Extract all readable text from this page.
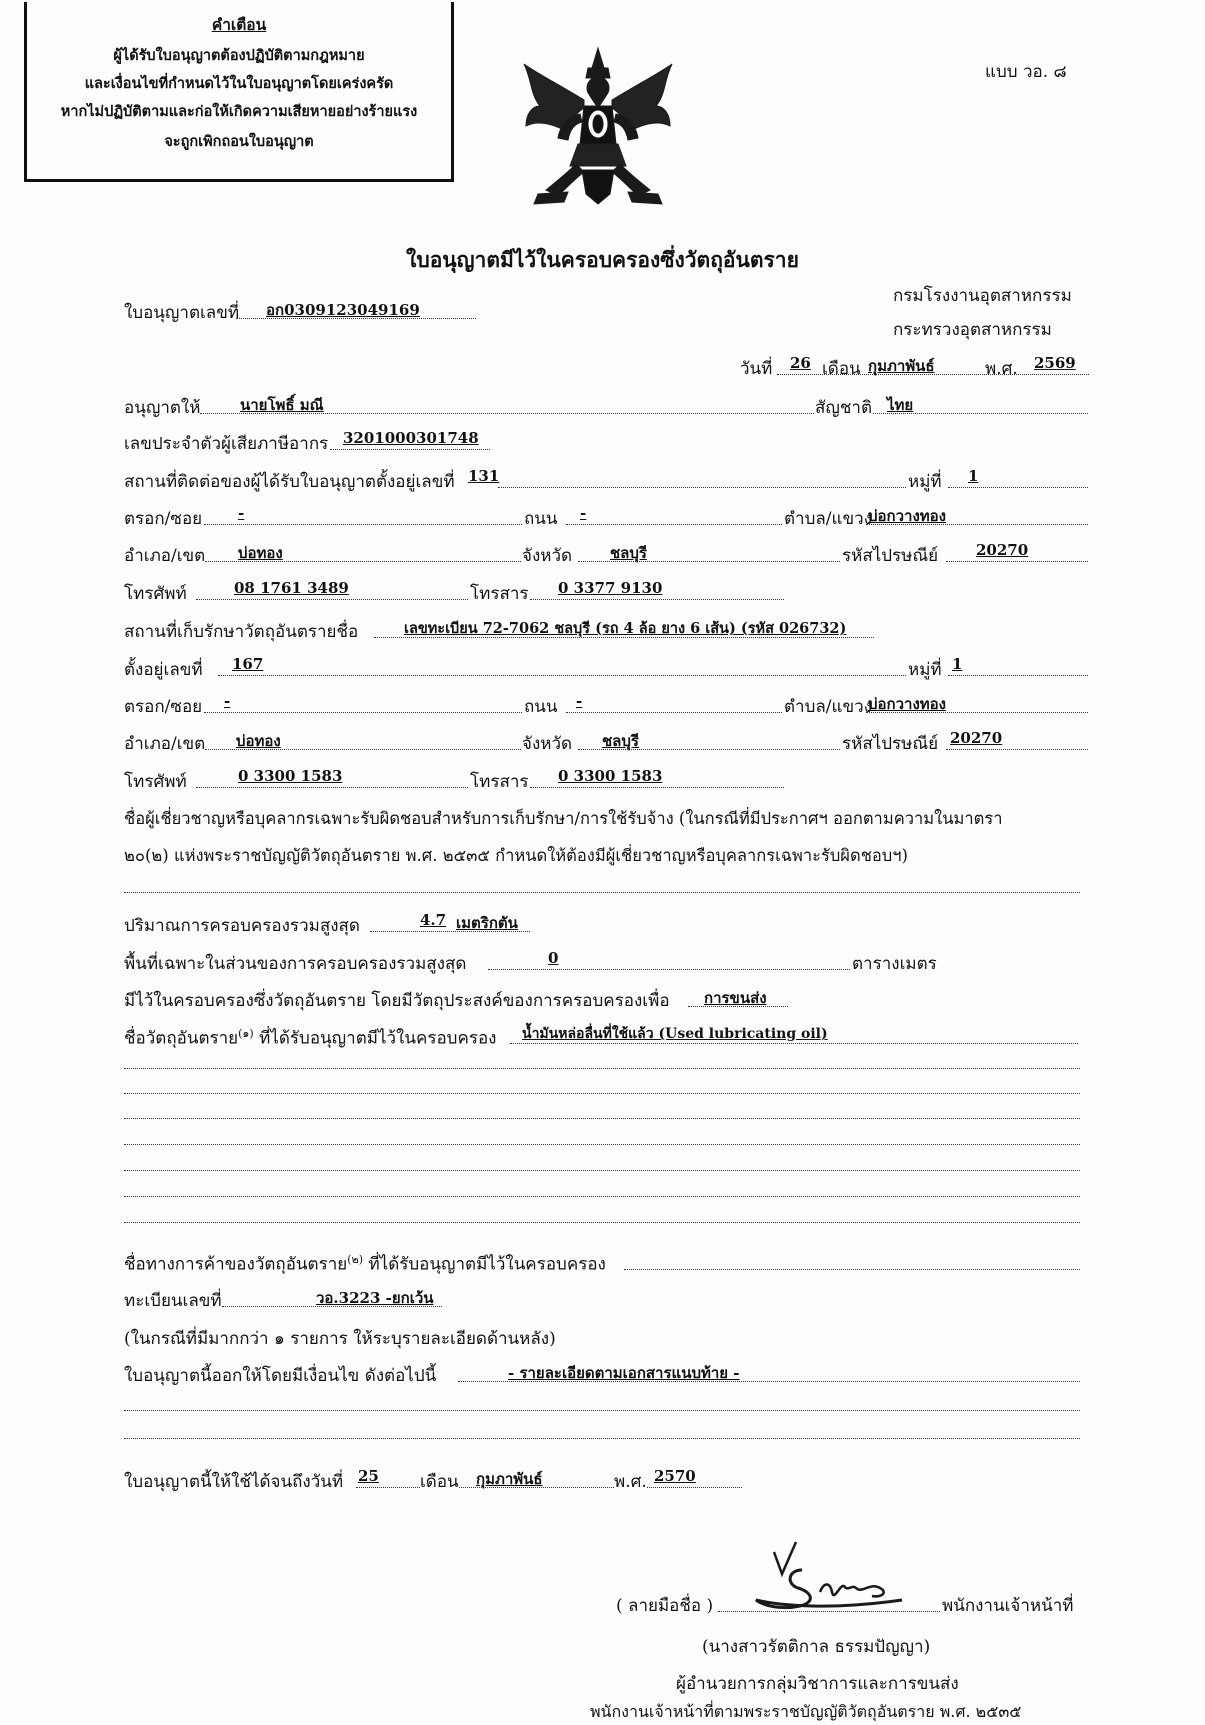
คำเตือน
ผู้ได้รับใบอนุญาตต้องปฏิบัติตามกฎหมาย
และเงื่อนไขที่กำหนดไว้ในใบอนุญาตโดยเคร่งครัด
หากไม่ปฏิบัติตามและก่อให้เกิดความเสียหายอย่างร้ายแรง
จะถูกเพิกถอนใบอนุญาต
แบบ วอ. ๘
ใบอนุญาตมีไว้ในครอบครองซึ่งวัตถุอันตราย
กรมโรงงานอุตสาหกรรม
กระทรวงอุตสาหกรรม
ใบอนุญาตเลขที่ อก0309123049169
วันที่ 26 เดือน กุมภาพันธ์	พ.ศ. 2569
อนุญาตให้	นายโพธิ์ มณี	สัญชาติ ไทย
เลขประจำตัวผู้เสียภาษีอากร 3201000301748
สถานที่ติดต่อของผู้ได้รับใบอนุญาตตั้งอยู่เลขที่ 131	หมู่ที่ 1
ตรอก/ซอย -	ถนน -	ตำบล/แขวง
บ่อกวางทอง
อำเภอ/เขต บ่อทอง	จังหวัด	ชลบุรี	รหัสไปรษณีย์	20270
โทรศัพท์	08 1761 3489	โทรสาร 0 3377 9130
สถานที่เก็บรักษาวัตถุอันตรายชื่อ	เลขทะเบียน 72-7062 ชลบุรี (รถ 4 ล้อ ยาง 6 เส้น) (รหัส 026732)
ตั้งอยู่เลขที่ 167	หมู่ที่ 1
ตรอก/ซอย -	ถนน -	ตำบล/แขวง
บ่อกวางทอง
อำเภอ/เขต บ่อทอง	จังหวัด ชลบุรี	รหัสไปรษณีย์ 20270
โทรศัพท์	0 3300 1583	โทรสาร 0 3300 1583
ชื่อผู้เชี่ยวชาญหรือบุคลากรเฉพาะรับผิดชอบสำหรับการเก็บรักษา/การใช้รับจ้าง (ในกรณีที่มีประกาศฯ ออกตามความในมาตรา
๒๐(๒) แห่งพระราชบัญญัติวัตถุอันตราย พ.ศ. ๒๕๓๕ กำหนดให้ต้องมีผู้เชี่ยวชาญหรือบุคลากรเฉพาะรับผิดชอบฯ)
ปริมาณการครอบครองรวมสูงสุด	4.7 เมตริกตัน
พื้นที่เฉพาะในส่วนของการครอบครองรวมสูงสุด	0	ตารางเมตร
มีไว้ในครอบครองซึ่งวัตถุอันตราย โดยมีวัตถุประสงค์ของการครอบครองเพื่อ การขนส่ง
ชื่อวัตถุอันตราย$^{(๑)}$ ที่ได้รับอนุญาตมีไว้ในครอบครอง น้ำมันหล่อลื่นที่ใช้แล้ว (Used lubricating oil)
ชื่อทางการค้าของวัตถุอันตราย$^{(๒)}$ ที่ได้รับอนุญาตมีไว้ในครอบครอง
ทะเบียนเลขที่	วอ.3223 -ยกเว้น
(ในกรณีที่มีมากกว่า ๑ รายการ ให้ระบุรายละเอียดด้านหลัง)
ใบอนุญาตนี้ออกให้โดยมีเงื่อนไข ดังต่อไปนี้	- รายละเอียดตามเอกสารแนบท้าย -
ใบอนุญาตนี้ให้ใช้ได้จนถึงวันที่ 25 เดือน กุมภาพันธ์	พ.ศ. 2570
( ลายมือชื่อ )	พนักงานเจ้าหน้าที่
(นางสาวรัตติกาล ธรรมปัญญา)
ผู้อำนวยการกลุ่มวิชาการและการขนส่ง
พนักงานเจ้าหน้าที่ตามพระราชบัญญัติวัตถุอันตราย พ.ศ. ๒๕๓๕
